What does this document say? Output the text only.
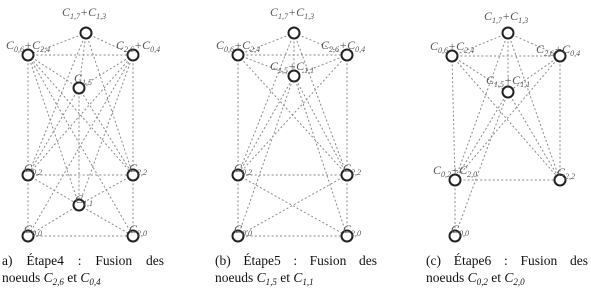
$C_{1,7}+C_{1,3}$
$C_{0,6}+C_{2,4}$	$C_{2,6}+C_{0,4}$
$C_{1,5}$
$C_{0,2}$	$C_{2,2}$
$C_{1,1}$
$C_{0,0}$	$C_{2,0}$
$C_{1,7}+C_{1,3}$
$C_{0,6}+C_{2,4}$	$C_{2,6}+C_{0,4}$
$C_{1,5}+C_{1,1}$
$C_{0,2}$	$C_{2,2}$
$C_{0,0}$	$C_{2,0}$
$C_{1,7}+C_{1,3}$
$C_{0,6}+C_{2,4}$	$C_{2,6}+C_{0,4}$
$C_{1,5}+C_{1,1}$
$C_{0,2}+C_{2,0}$	$C_{2,2}$
$C_{0,0}$
a) Étape4 : Fusion des
noeuds $C_{2,6}$ et $C_{0,4}$
(b) Étape5 : Fusion des
noeuds $C_{1,5}$ et $C_{1,1}$
(c) Étape6 : Fusion des
noeuds $C_{0,2}$ et $C_{2,0}$
